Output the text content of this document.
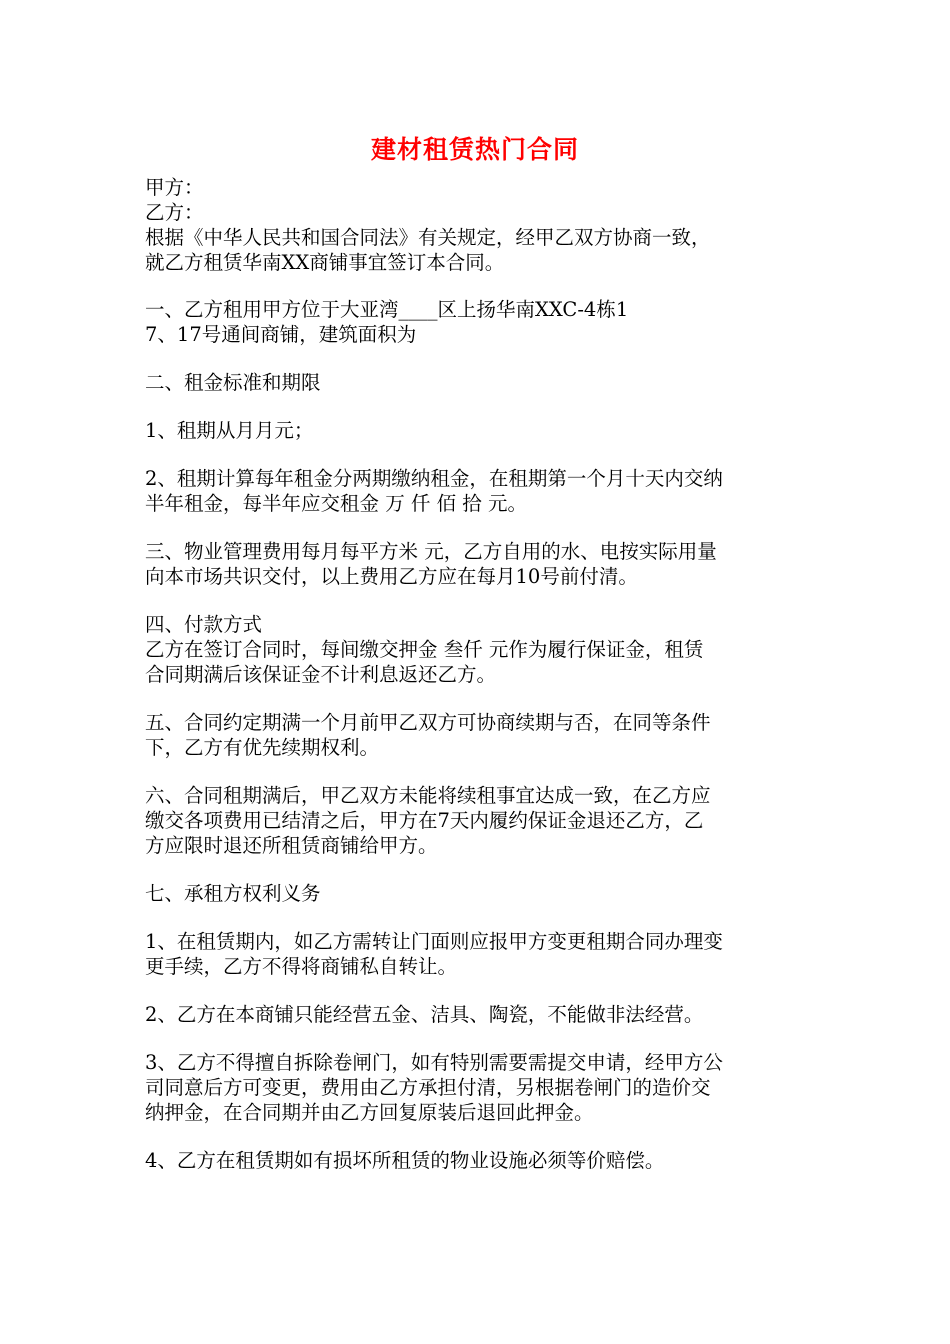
建材租赁热门合同
甲方：
乙方：
根据《中华人民共和国合同法》有关规定，经甲乙双方协商一致，
就乙方租赁华南XX商铺事宜签订本合同。
一、乙方租用甲方位于大亚湾____区上扬华南XXC-4栋1
7、17号通间商铺，建筑面积为
二、租金标准和期限
1、租期从月月元；
2、租期计算每年租金分两期缴纳租金，在租期第一个月十天内交纳
半年租金，每半年应交租金 万 仟 佰 拾 元。
三、物业管理费用每月每平方米 元，乙方自用的水、电按实际用量
向本市场共识交付，以上费用乙方应在每月10号前付清。
四、付款方式
乙方在签订合同时，每间缴交押金 叁仟 元作为履行保证金，租赁
合同期满后该保证金不计利息返还乙方。
五、合同约定期满一个月前甲乙双方可协商续期与否，在同等条件
下，乙方有优先续期权利。
六、合同租期满后，甲乙双方未能将续租事宜达成一致，在乙方应
缴交各项费用已结清之后，甲方在7天内履约保证金退还乙方，乙
方应限时退还所租赁商铺给甲方。
七、承租方权利义务
1、在租赁期内，如乙方需转让门面则应报甲方变更租期合同办理变
更手续，乙方不得将商铺私自转让。
2、乙方在本商铺只能经营五金、洁具、陶瓷，不能做非法经营。
3、乙方不得擅自拆除卷闸门，如有特别需要需提交申请，经甲方公
司同意后方可变更，费用由乙方承担付清，另根据卷闸门的造价交
纳押金，在合同期并由乙方回复原装后退回此押金。
4、乙方在租赁期如有损坏所租赁的物业设施必须等价赔偿。
